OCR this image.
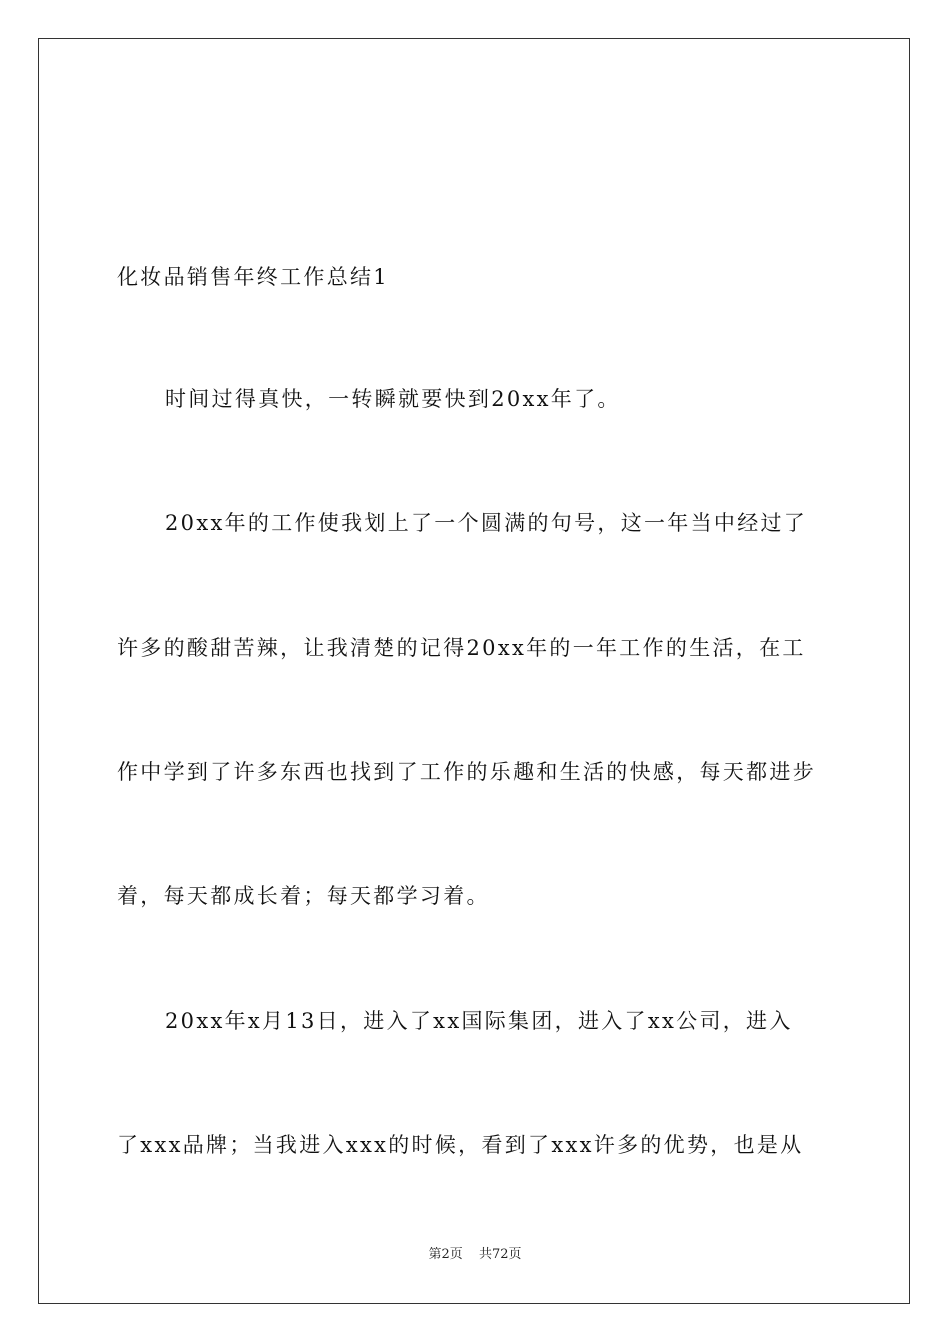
化妆品销售年终工作总结1
时间过得真快，一转瞬就要快到20xx年了。
20xx年的工作使我划上了一个圆满的句号，这一年当中经过了
许多的酸甜苦辣，让我清楚的记得20xx年的一年工作的生活，在工
作中学到了许多东西也找到了工作的乐趣和生活的快感，每天都进步
着，每天都成长着；每天都学习着。
20xx年x月13日，进入了xx国际集团，进入了xx公司，进入
了xxx品牌；当我进入xxx的时候，看到了xxx许多的优势，也是从
第2页 共72页
